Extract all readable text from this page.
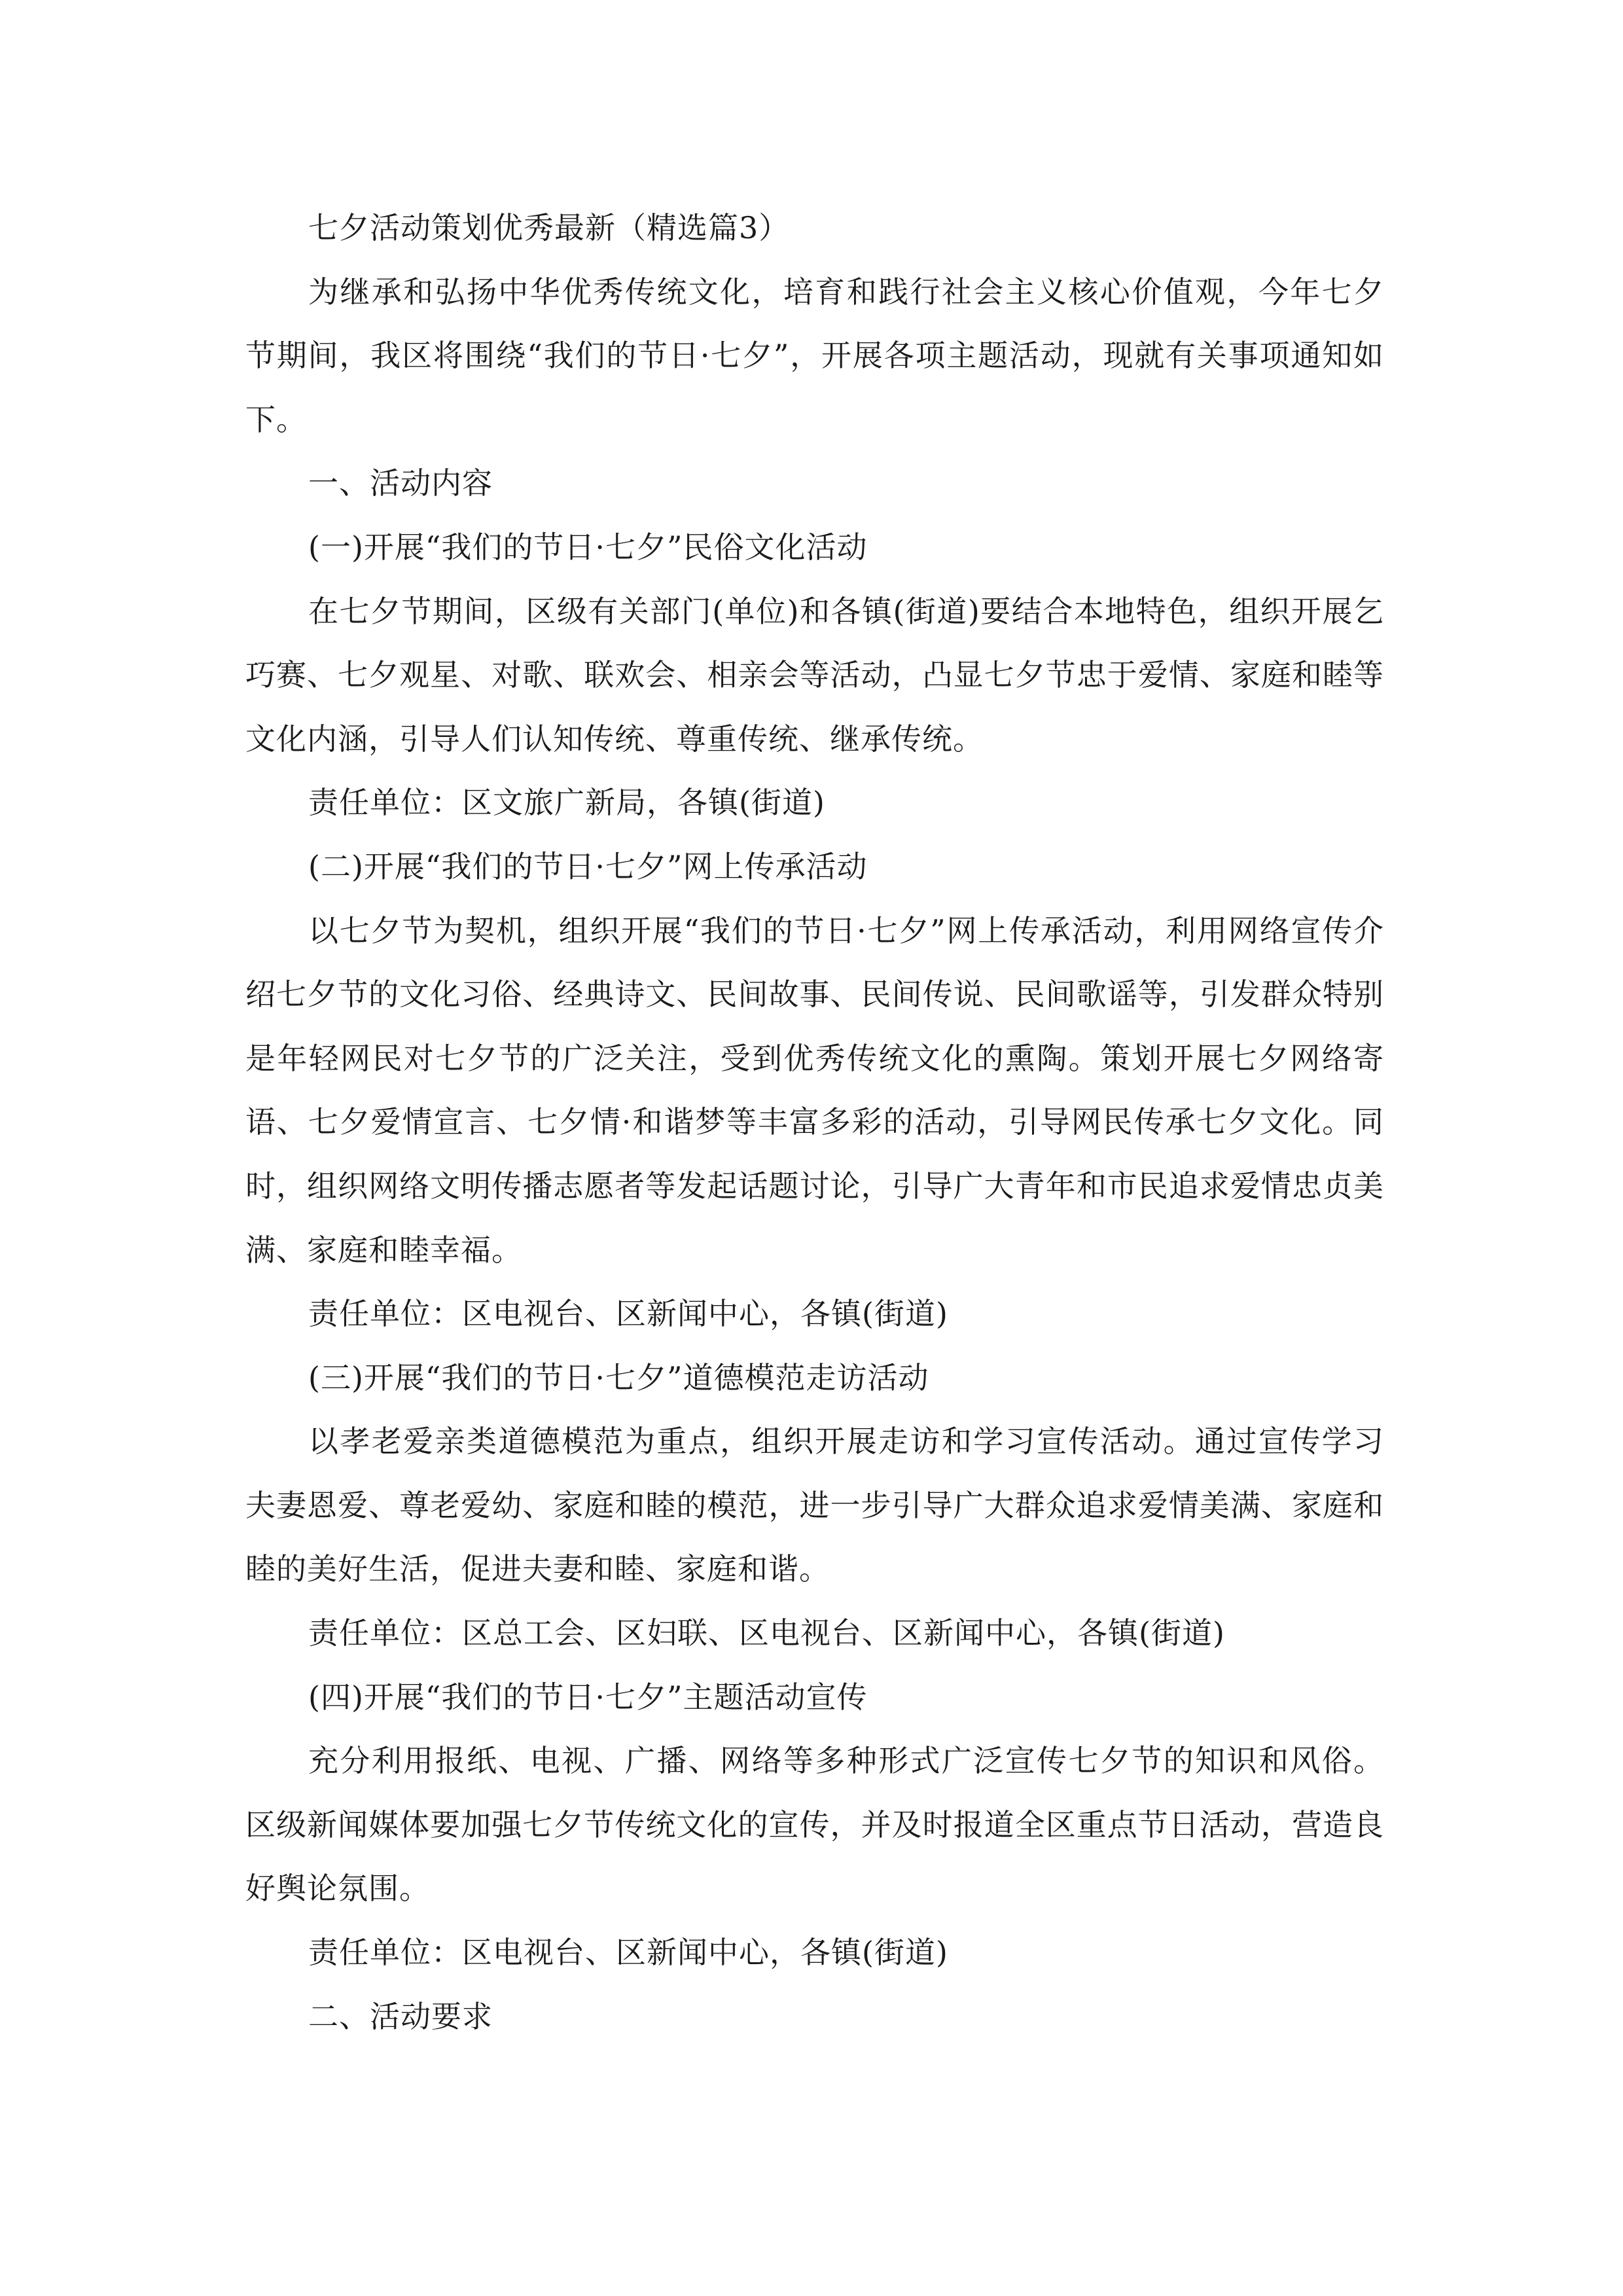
七夕活动策划优秀最新（精选篇3）

为继承和弘扬中华优秀传统文化，培育和践行社会主义核心价值观，今年七夕节期间，我区将围绕“我们的节日·七夕”，开展各项主题活动，现就有关事项通知如下。

一、活动内容

(一)开展“我们的节日·七夕”民俗文化活动

在七夕节期间，区级有关部门(单位)和各镇(街道)要结合本地特色，组织开展乞巧赛、七夕观星、对歌、联欢会、相亲会等活动，凸显七夕节忠于爱情、家庭和睦等文化内涵，引导人们认知传统、尊重传统、继承传统。

责任单位：区文旅广新局，各镇(街道)

(二)开展“我们的节日·七夕”网上传承活动

以七夕节为契机，组织开展“我们的节日·七夕”网上传承活动，利用网络宣传介绍七夕节的文化习俗、经典诗文、民间故事、民间传说、民间歌谣等，引发群众特别是年轻网民对七夕节的广泛关注，受到优秀传统文化的熏陶。策划开展七夕网络寄语、七夕爱情宣言、七夕情·和谐梦等丰富多彩的活动，引导网民传承七夕文化。同时，组织网络文明传播志愿者等发起话题讨论，引导广大青年和市民追求爱情忠贞美满、家庭和睦幸福。

责任单位：区电视台、区新闻中心，各镇(街道)

(三)开展“我们的节日·七夕”道德模范走访活动

以孝老爱亲类道德模范为重点，组织开展走访和学习宣传活动。通过宣传学习夫妻恩爱、尊老爱幼、家庭和睦的模范，进一步引导广大群众追求爱情美满、家庭和睦的美好生活，促进夫妻和睦、家庭和谐。

责任单位：区总工会、区妇联、区电视台、区新闻中心，各镇(街道)

(四)开展“我们的节日·七夕”主题活动宣传

充分利用报纸、电视、广播、网络等多种形式广泛宣传七夕节的知识和风俗。区级新闻媒体要加强七夕节传统文化的宣传，并及时报道全区重点节日活动，营造良好舆论氛围。

责任单位：区电视台、区新闻中心，各镇(街道)

二、活动要求
